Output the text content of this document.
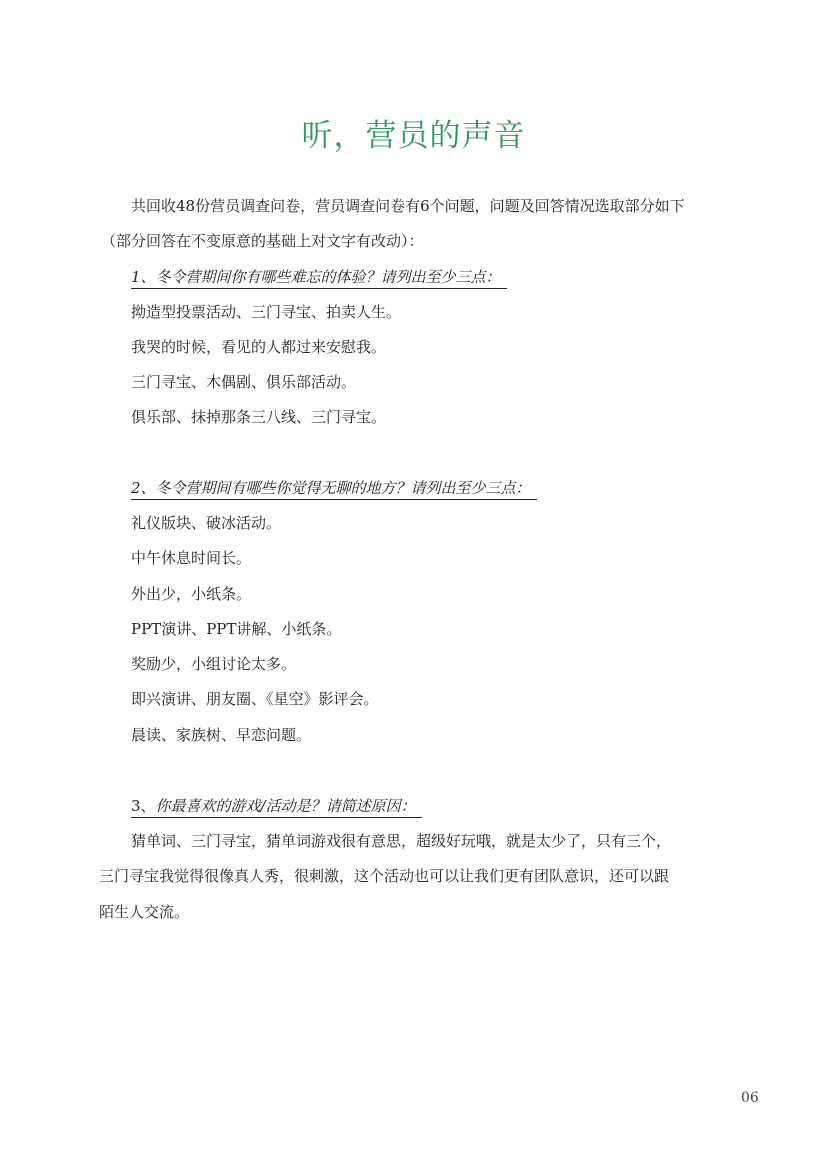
听，营员的声音
共回收48份营员调查问卷，营员调查问卷有6个问题，问题及回答情况选取部分如下
（部分回答在不变原意的基础上对文字有改动）：
1、冬令营期间你有哪些难忘的体验？请列出至少三点：
拗造型投票活动、三门寻宝、拍卖人生。
我哭的时候，看见的人都过来安慰我。
三门寻宝、木偶剧、俱乐部活动。
俱乐部、抹掉那条三八线、三门寻宝。
2、冬令营期间有哪些你觉得无聊的地方？请列出至少三点：
礼仪版块、破冰活动。
中午休息时间长。
外出少，小纸条。
PPT演讲、PPT讲解、小纸条。
奖励少，小组讨论太多。
即兴演讲、朋友圈、《星空》影评会。
晨读、家族树、早恋问题。
3、你最喜欢的游戏/活动是？请简述原因：
猜单词、三门寻宝，猜单词游戏很有意思，超级好玩哦，就是太少了，只有三个，
三门寻宝我觉得很像真人秀，很刺激，这个活动也可以让我们更有团队意识，还可以跟
陌生人交流。
06
